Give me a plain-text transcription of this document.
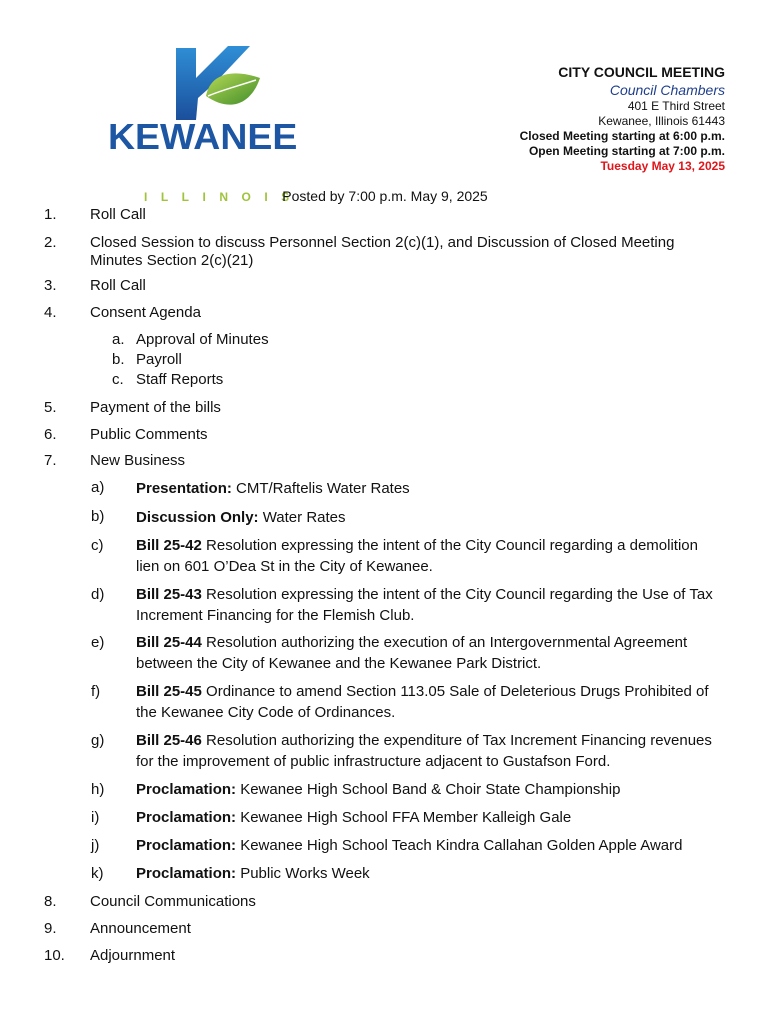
KEWANEE
ILLINOIS
CITY COUNCIL MEETING
Council Chambers
401 E Third Street
Kewanee, Illinois 61443
Closed Meeting starting at 6:00 p.m.
Open Meeting starting at 7:00 p.m.
Tuesday May 13, 2025
Posted by 7:00 p.m. May 9, 2025
1.	Roll Call
2.	Closed Session to discuss Personnel Section 2(c)(1), and Discussion of Closed Meeting
Minutes Section 2(c)(21)
3.	Roll Call
4.	Consent Agenda
a. Approval of Minutes
b. Payroll
c. Staff Reports
5.	Payment of the bills
6.	Public Comments
7.	New Business
a) Presentation: CMT/Raftelis Water Rates
b) Discussion Only: Water Rates
c) Bill 25-42 Resolution expressing the intent of the City Council regarding a demolition
lien on 601 O’Dea St in the City of Kewanee.
d) Bill 25-43 Resolution expressing the intent of the City Council regarding the Use of Tax
Increment Financing for the Flemish Club.
e) Bill 25-44 Resolution authorizing the execution of an Intergovernmental Agreement
between the City of Kewanee and the Kewanee Park District.
f) Bill 25-45 Ordinance to amend Section 113.05 Sale of Deleterious Drugs Prohibited of
the Kewanee City Code of Ordinances.
g) Bill 25-46 Resolution authorizing the expenditure of Tax Increment Financing revenues
for the improvement of public infrastructure adjacent to Gustafson Ford.
h) Proclamation: Kewanee High School Band & Choir State Championship
i) Proclamation: Kewanee High School FFA Member Kalleigh Gale
j) Proclamation: Kewanee High School Teach Kindra Callahan Golden Apple Award
k) Proclamation: Public Works Week
8.	Council Communications
9.	Announcement
10.	Adjournment
